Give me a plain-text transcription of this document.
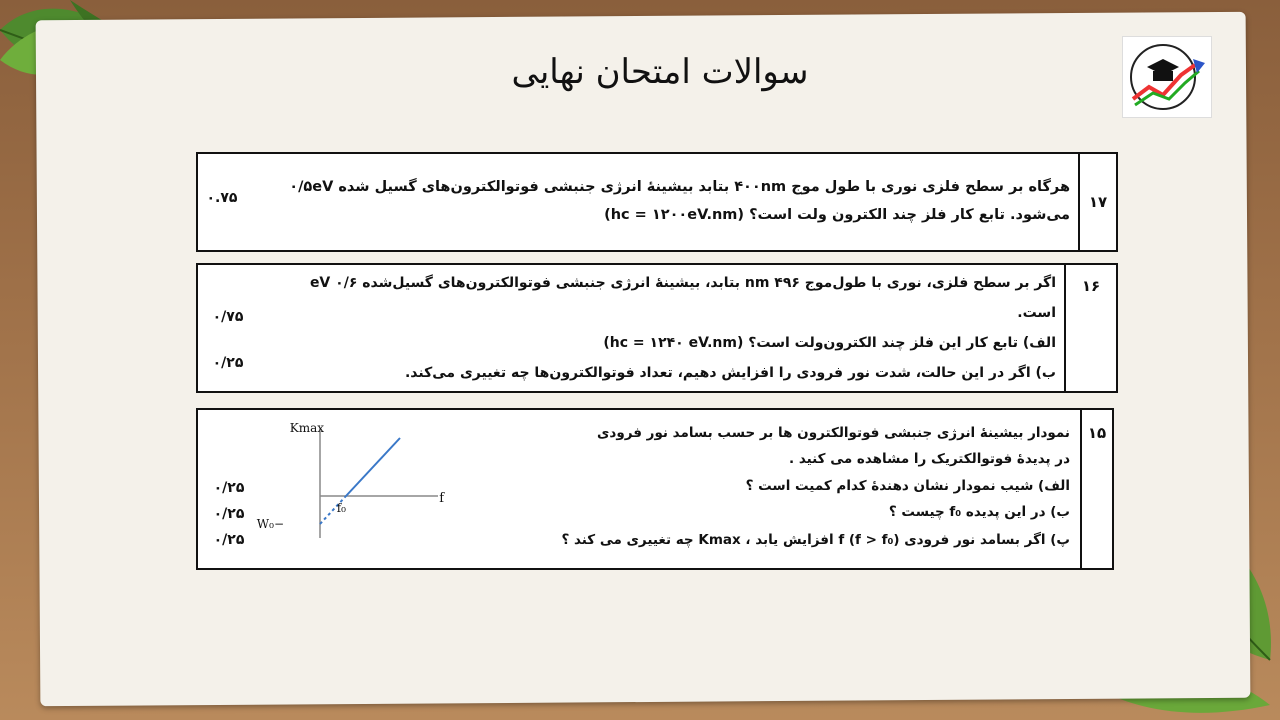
سوالات امتحان نهایی
۱۷
هرگاه بر سطح فلزی نوری با طول موج ۴۰۰nm بتابد بیشینهٔ انرژی جنبشی فوتوالکترون‌های گسیل شده ۰/۵eV
می‌شود. تابع کار فلز چند الکترون ولت است؟ (hc = ۱۲۰۰eV.nm)
۰.۷۵
۱۶
اگر بر سطح فلزی، نوری با طول‌موج ۴۹۶ nm بتابد، بیشینهٔ انرژی جنبشی فوتوالکترون‌های گسیل‌شده ۰/۶ eV است.
الف) تابع کار این فلز چند الکترون‌ولت است؟ (hc = ۱۲۴۰ eV.nm)
ب) اگر در این حالت، شدت نور فرودی را افزایش دهیم، تعداد فوتوالکترون‌ها چه تغییری می‌کند.
۰/۷۵
۰/۲۵
۱۵
نمودار بیشینهٔ انرژی جنبشی فوتوالکترون ها بر حسب بسامد نور فرودی
در پدیدهٔ فوتوالکتریک را مشاهده می کنید .
الف) شیب نمودار نشان دهندهٔ کدام کمیت است ؟
ب) در این پدیده f₀ چیست ؟
پ) اگر بسامد نور فرودی f (f > f₀) افزایش یابد ، Kmax چه تغییری می کند ؟
Kmax
f
f₀
−W₀
۰/۲۵
۰/۲۵
۰/۲۵
